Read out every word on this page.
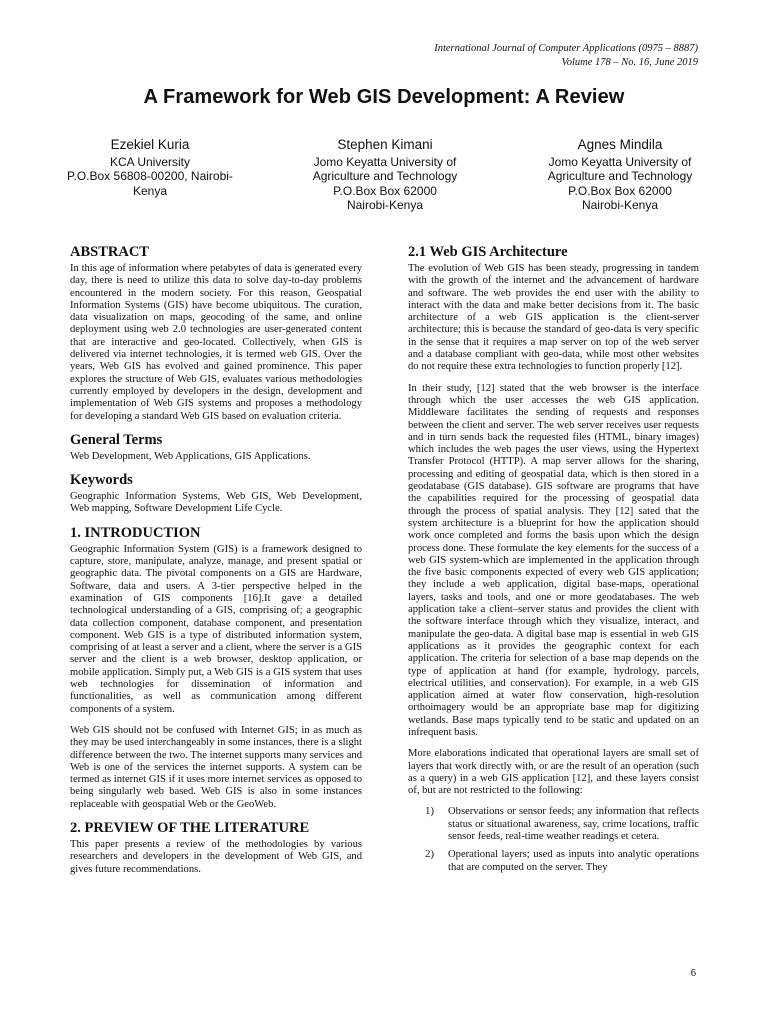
International Journal of Computer Applications (0975 – 8887)
Volume 178 – No. 16, June 2019
A Framework for Web GIS Development: A Review
Ezekiel Kuria
KCA University
P.O.Box 56808-00200, Nairobi-
Kenya
Stephen Kimani
Jomo Keyatta University of
Agriculture and Technology
P.O.Box Box 62000
Nairobi-Kenya
Agnes Mindila
Jomo Keyatta University of
Agriculture and Technology
P.O.Box Box 62000
Nairobi-Kenya
ABSTRACT

In this age of information where petabytes of data is generated every day, there is need to utilize this data to solve day-to-day problems encountered in the modern society. For this reason, Geospatial Information Systems (GIS) have become ubiquitous. The curation, data visualization on maps, geocoding of the same, and online deployment using web 2.0 technologies are user-generated content that are interactive and geo-located. Collectively, when GIS is delivered via internet technologies, it is termed web GIS. Over the years, Web GIS has evolved and gained prominence. This paper explores the structure of Web GIS, evaluates various methodologies currently employed by developers in the design, development and implementation of Web GIS systems and proposes a methodology for developing a standard Web GIS based on evaluation criteria.

General Terms

Web Development, Web Applications, GIS Applications.

Keywords

Geographic Information Systems, Web GIS, Web Development, Web mapping, Software Development Life Cycle.

1. INTRODUCTION

Geographic Information System (GIS) is a framework designed to capture, store, manipulate, analyze, manage, and present spatial or geographic data. The pivotal components on a GIS are Hardware, Software, data and users. A 3-tier perspective helped in the examination of GIS components [16].It gave a detailed technological understanding of a GIS, comprising of; a geographic data collection component, database component, and presentation component. Web GIS is a type of distributed information system, comprising of at least a server and a client, where the server is a GIS server and the client is a web browser, desktop application, or mobile application. Simply put, a Web GIS is a GIS system that uses web technologies for dissemination of information and functionalities, as well as communication among different components of a system.

Web GIS should not be confused with Internet GIS; in as much as they may be used interchangeably in some instances, there is a slight difference between the two. The internet supports many services and Web is one of the services the internet supports. A system can be termed as internet GIS if it uses more internet services as opposed to being singularly web based. Web GIS is also in some instances replaceable with geospatial Web or the GeoWeb.

2. PREVIEW OF THE LITERATURE

This paper presents a review of the methodologies by various researchers and developers in the development of Web GIS, and gives future recommendations.

2.1 Web GIS Architecture

The evolution of Web GIS has been steady, progressing in tandem with the growth of the internet and the advancement of hardware and software. The web provides the end user with the ability to interact with the data and make better decisions from it. The basic architecture of a web GIS application is the client-server architecture; this is because the standard of geo-data is very specific in the sense that it requires a map server on top of the web server and a database compliant with geo-data, while most other websites do not require these extra technologies to function properly [12].

In their study, [12] stated that the web browser is the interface through which the user accesses the web GIS application. Middleware facilitates the sending of requests and responses between the client and server. The web server receives user requests and in turn sends back the requested files (HTML, binary images) which includes the web pages the user views, using the Hypertext Transfer Protocol (HTTP). A map server allows for the sharing, processing and editing of geospatial data, which is then stored in a geodatabase (GIS database). GIS software are programs that have the capabilities required for the processing of geospatial data through the process of spatial analysis. They [12] sated that the system architecture is a blueprint for how the application should work once completed and forms the basis upon which the design process done. These formulate the key elements for the success of a web GIS system-which are implemented in the application through the five basic components expected of every web GIS application; they include a web application, digital base-maps, operational layers, tasks and tools, and one or more geodatabases. The web application take a client–server status and provides the client with the software interface through which they visualize, interact, and manipulate the geo-data. A digital base map is essential in web GIS applications as it provides the geographic context for each application. The criteria for selection of a base map depends on the type of application at hand (for example, hydrology, parcels, electrical utilities, and conservation). For example, in a web GIS application aimed at water flow conservation, high-resolution orthoimagery would be an appropriate base map for digitizing wetlands. Base maps typically tend to be static and updated on an infrequent basis.

More elaborations indicated that operational layers are small set of layers that work directly with, or are the result of an operation (such as a query) in a web GIS application [12], and these layers consist of, but are not restricted to the following:

1)	Observations or sensor feeds; any information that reflects status or situational awareness, say, crime locations, traffic sensor feeds, real-time weather readings et cetera.
2)	Operational layers; used as inputs into analytic operations that are computed on the server. They
6
